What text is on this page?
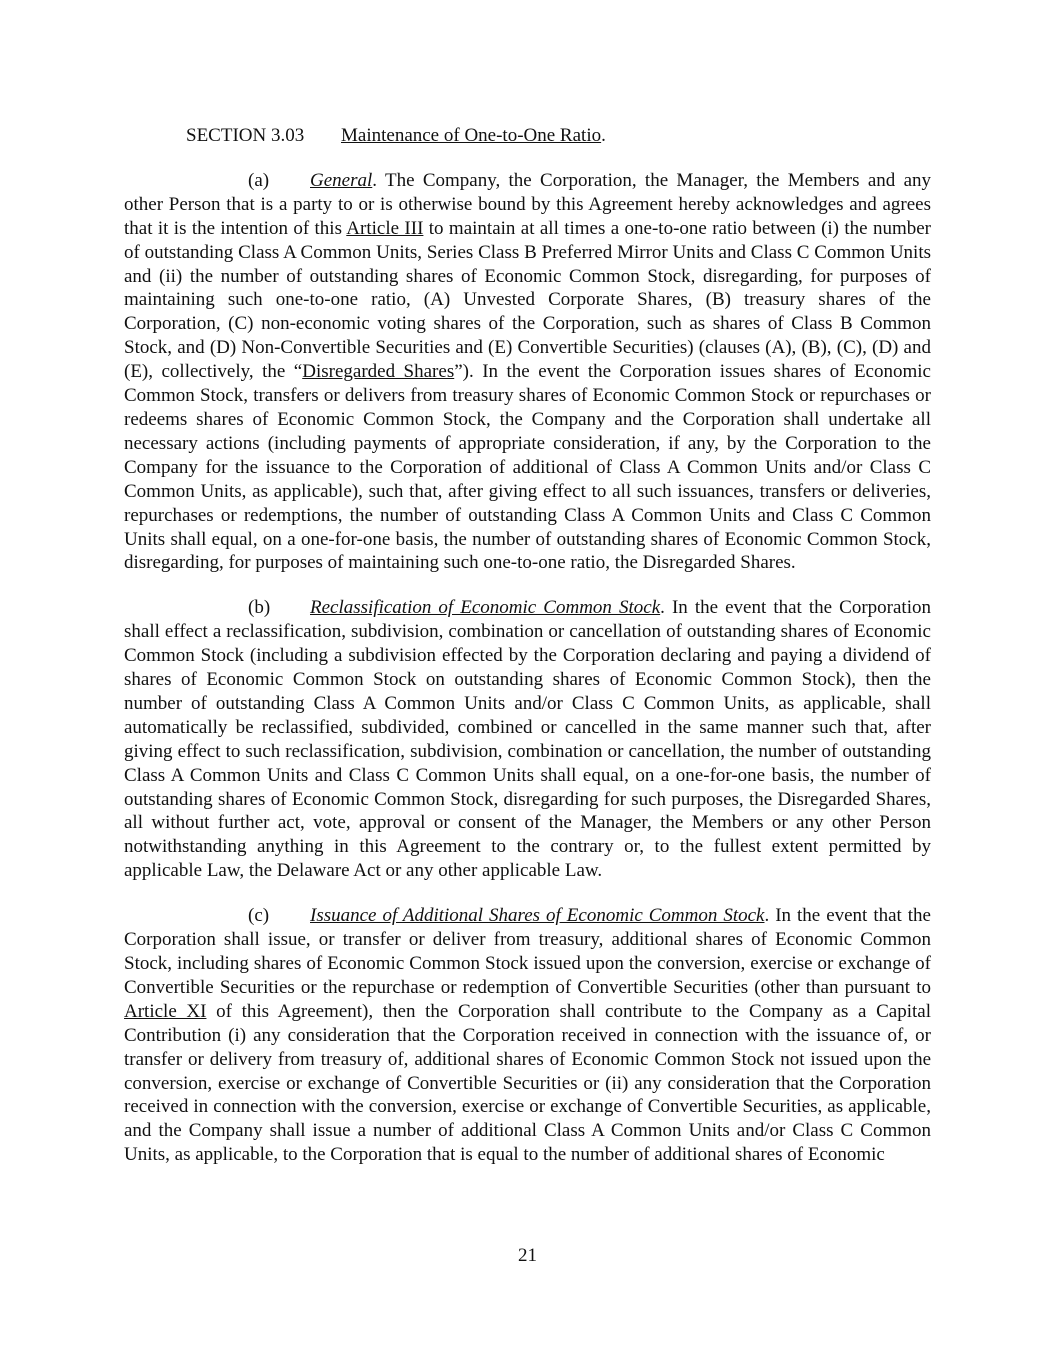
SECTION 3.03 Maintenance of One-to-One Ratio.

(a) General. The Company, the Corporation, the Manager, the Members and any other Person that is a party to or is otherwise bound by this Agreement hereby acknowledges and agrees that it is the intention of this Article III to maintain at all times a one-to-one ratio between (i) the number of outstanding Class A Common Units, Series Class B Preferred Mirror Units and Class C Common Units and (ii) the number of outstanding shares of Economic Common Stock, disregarding, for purposes of maintaining such one-to-one ratio, (A) Unvested Corporate Shares, (B) treasury shares of the Corporation, (C) non-economic voting shares of the Corporation, such as shares of Class B Common Stock, and (D) Non-Convertible Securities and (E) Convertible Securities) (clauses (A), (B), (C), (D) and (E), collectively, the “Disregarded Shares”). In the event the Corporation issues shares of Economic Common Stock, transfers or delivers from treasury shares of Economic Common Stock or repurchases or redeems shares of Economic Common Stock, the Company and the Corporation shall undertake all necessary actions (including payments of appropriate consideration, if any, by the Corporation to the Company for the issuance to the Corporation of additional of Class A Common Units and/or Class C Common Units, as applicable), such that, after giving effect to all such issuances, transfers or deliveries, repurchases or redemptions, the number of outstanding Class A Common Units and Class C Common Units shall equal, on a one-for-one basis, the number of outstanding shares of Economic Common Stock, disregarding, for purposes of maintaining such one-to-one ratio, the Disregarded Shares.

(b) Reclassification of Economic Common Stock. In the event that the Corporation shall effect a reclassification, subdivision, combination or cancellation of outstanding shares of Economic Common Stock (including a subdivision effected by the Corporation declaring and paying a dividend of shares of Economic Common Stock on outstanding shares of Economic Common Stock), then the number of outstanding Class A Common Units and/or Class C Common Units, as applicable, shall automatically be reclassified, subdivided, combined or cancelled in the same manner such that, after giving effect to such reclassification, subdivision, combination or cancellation, the number of outstanding Class A Common Units and Class C Common Units shall equal, on a one-for-one basis, the number of outstanding shares of Economic Common Stock, disregarding for such purposes, the Disregarded Shares, all without further act, vote, approval or consent of the Manager, the Members or any other Person notwithstanding anything in this Agreement to the contrary or, to the fullest extent permitted by applicable Law, the Delaware Act or any other applicable Law.

(c) Issuance of Additional Shares of Economic Common Stock. In the event that the Corporation shall issue, or transfer or deliver from treasury, additional shares of Economic Common Stock, including shares of Economic Common Stock issued upon the conversion, exercise or exchange of Convertible Securities or the repurchase or redemption of Convertible Securities (other than pursuant to Article XI of this Agreement), then the Corporation shall contribute to the Company as a Capital Contribution (i) any consideration that the Corporation received in connection with the issuance of, or transfer or delivery from treasury of, additional shares of Economic Common Stock not issued upon the conversion, exercise or exchange of Convertible Securities or (ii) any consideration that the Corporation received in connection with the conversion, exercise or exchange of Convertible Securities, as applicable, and the Company shall issue a number of additional Class A Common Units and/or Class C Common Units, as applicable, to the Corporation that is equal to the number of additional shares of Economic

21
